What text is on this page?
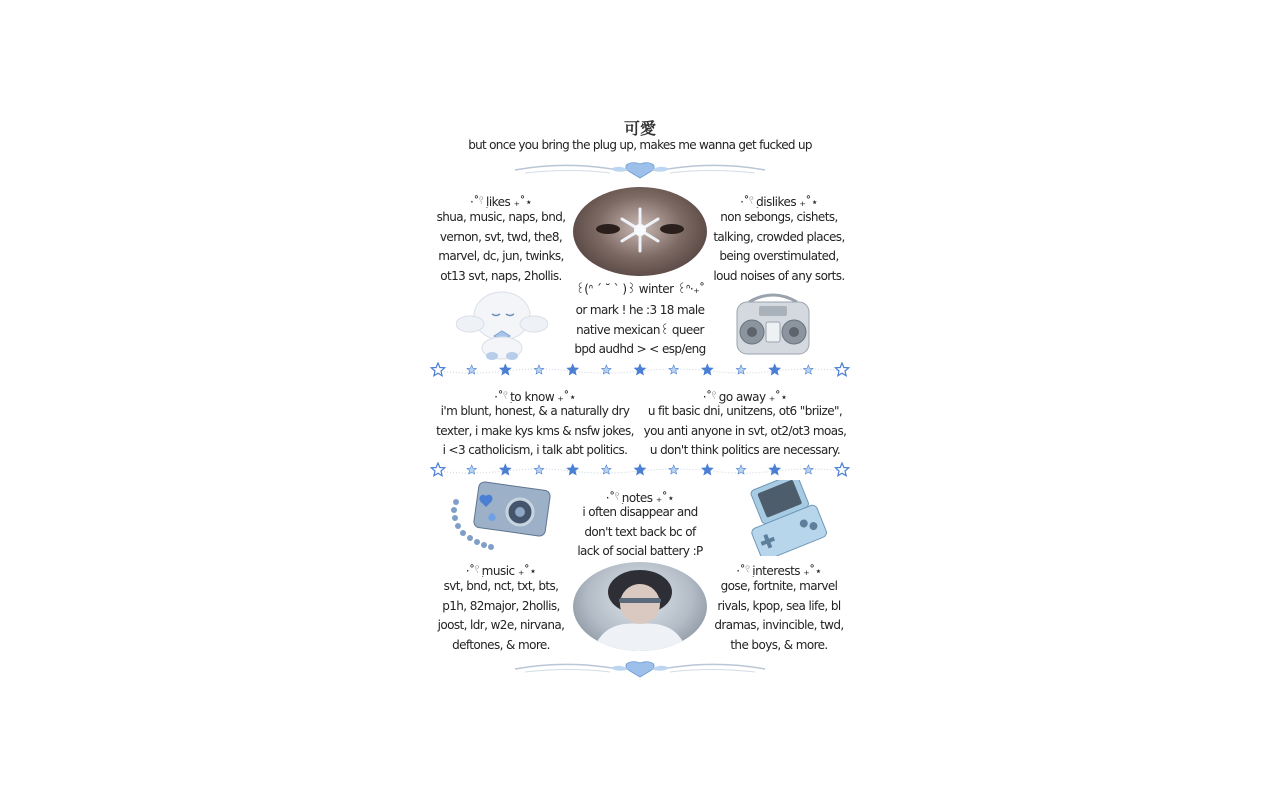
可愛
but once you bring the plug up, makes me wanna get fucked up
·˚𓍢ִ likes ₊˚⋆
shua, music, naps, bnd,
vernon, svt, twd, the8,
marvel, dc, jun, twinks,
ot13 svt, naps, 2hollis.
·˚𓍢ִ dislikes ₊˚⋆
non sebongs, cishets,
talking, crowded places,
being overstimulated,
loud noises of any sorts.
꒰(ᐢ ´ ˘ ` )꒱ winter ꒰ᐢ·₊˚
or mark ! he :3 18 male
native mexican꒰ queer
bpd audhd > < esp/eng
·˚𓍢ִ to know ₊˚⋆
i'm blunt, honest, & a naturally dry
texter, i make kys kms & nsfw jokes,
i <3 catholicism, i talk abt politics.
·˚𓍢ִ go away ₊˚⋆
u fit basic dni, unitzens, ot6 "briize",
you anti anyone in svt, ot2/ot3 moas,
u don't think politics are necessary.
·˚𓍢ִ notes ₊˚⋆
i often disappear and
don't text back bc of
lack of social battery :P
·˚𓍢ִ music ₊˚⋆
svt, bnd, nct, txt, bts,
p1h, 82major, 2hollis,
joost, ldr, w2e, nirvana,
deftones, & more.
·˚𓍢ִ interests ₊˚⋆
gose, fortnite, marvel
rivals, kpop, sea life, bl
dramas, invincible, twd,
the boys, & more.
